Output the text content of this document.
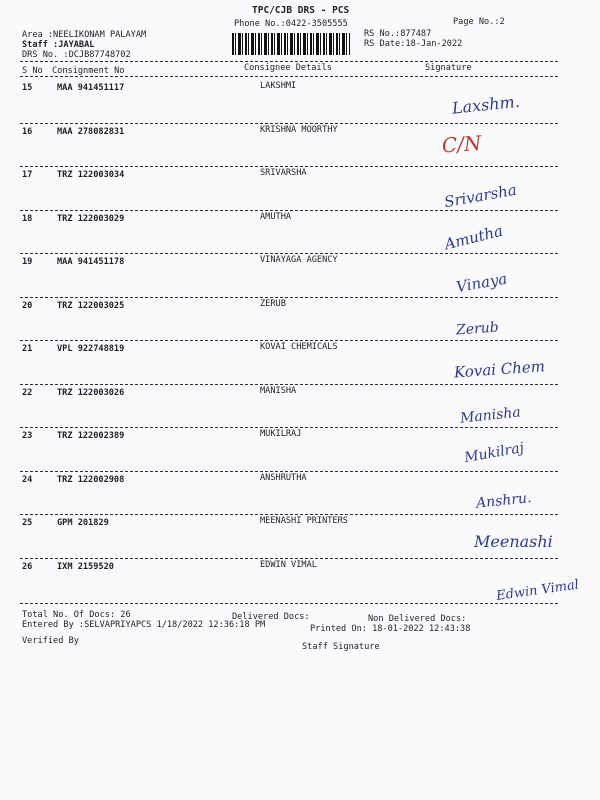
TPC/CJB DRS - PCS
Phone No.:0422-3505555	Page No.:2
RS No.:877487
RS Date:18-Jan-2022
Area :NEELIKONAM PALAYAM
Staff :JAYABAL
DRS No. :DCJB87748702
S No Consignment No	Consignee Details	Signature
15	MAA 941451117	LAKSHMI
Laxshm.
16	MAA 278082831	KRISHNA MOORTHY
C/N
17	TRZ 122003034	SRIVARSHA
Srivarsha
18	TRZ 122003029	AMUTHA
Amutha
19	MAA 941451178	VINAYAGA AGENCY
Vinaya
20	TRZ 122003025	ZERUB
Zerub
21	VPL 922748819	KOVAI CHEMICALS
Kovai Chem
22	TRZ 122003026	MANISHA
Manisha
23	TRZ 122002389	MUKILRAJ
Mukilraj
24	TRZ 122002908	ANSHRUTHA
Anshru.
25	GPM 201829	MEENASHI PRINTERS
Meenashi
26	IXM 2159520	EDWIN VIMAL
Edwin Vimal
Total No. Of Docs: 26	Delivered Docs:	Non Delivered Docs:
Entered By :SELVAPRIYAPCS 1/18/2022 12:36:18 PM	Printed On: 18-01-2022 12:43:38
Verified By
Staff Signature
